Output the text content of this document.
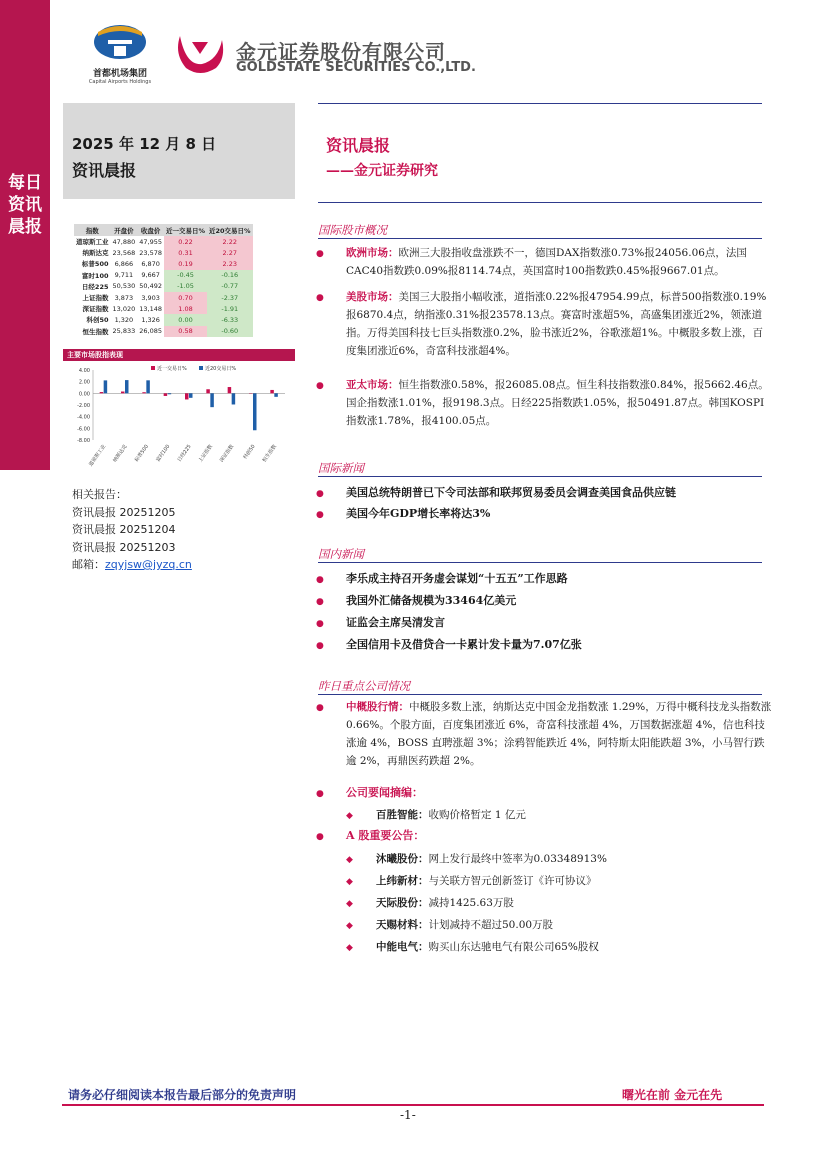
每日资讯晨报
首都机场集团
Capital Airports Holdings
金元证券股份有限公司
GOLDSTATE SECURITIES CO.,LTD.
2025 年 12 月 8 日
资讯晨报
资讯晨报
——金元证券研究
指数	开盘价	收盘价	近一交易日%	近20交易日%
道琼斯工业	47,880	47,955	0.22	2.22
纳斯达克	23,568	23,578	0.31	2.27
标普500	6,866	6,870	0.19	2.23
富时100	9,711	9,667	-0.45	-0.16
日经225	50,530	50,492	-1.05	-0.77
上证指数	3,873	3,903	0.70	-2.37
深证指数	13,020	13,148	1.08	-1.91
科创50	1,320	1,326	0.00	-6.33
恒生指数	25,833	26,085	0.58	-0.60
主要市场股指表现
4.00
2.00
0.00
-2.00
-4.00
-6.00
-8.00
近一交易日%	近20交易日%
道琼斯工业 纳斯达克 标普500 富时100 日经225 上证指数 深证指数 科创50 恒生指数
相关报告：
资讯晨报 20251205
资讯晨报 20251204
资讯晨报 20251203
邮箱：zqyjsw@jyzq.cn
国际股市概况
● 欧洲市场：欧洲三大股指收盘涨跌不一，德国DAX指数涨0.73%报24056.06点，法国CAC40指数跌0.09%报8114.74点，英国富时100指数跌0.45%报9667.01点。
● 美股市场：美国三大股指小幅收涨，道指涨0.22%报47954.99点，标普500指数涨0.19%报6870.4点，纳指涨0.31%报23578.13点。赛富时涨超5%，高盛集团涨近2%，领涨道指。万得美国科技七巨头指数涨0.2%，脸书涨近2%，谷歌涨超1%。中概股多数上涨，百度集团涨近6%，奇富科技涨超4%。
● 亚太市场：恒生指数涨0.58%，报26085.08点。恒生科技指数涨0.84%，报5662.46点。国企指数涨1.01%，报9198.3点。日经225指数跌1.05%，报50491.87点。韩国KOSPI指数涨1.78%，报4100.05点。
国际新闻
● 美国总统特朗普已下令司法部和联邦贸易委员会调查美国食品供应链
● 美国今年GDP增长率将达3%
国内新闻
● 李乐成主持召开务虚会谋划“十五五”工作思路
● 我国外汇储备规模为33464亿美元
● 证监会主席吴清发言
● 全国信用卡及借贷合一卡累计发卡量为7.07亿张
昨日重点公司情况
● 中概股行情：中概股多数上涨，纳斯达克中国金龙指数涨 1.29%，万得中概科技龙头指数涨 0.66%。个股方面，百度集团涨近 6%，奇富科技涨超 4%，万国数据涨超 4%，信也科技涨逾 4%，BOSS 直聘涨超 3%；涂鸦智能跌近 4%，阿特斯太阳能跌超 3%，小马智行跌逾 2%，再鼎医药跌超 2%。
● 公司要闻摘编：
◆ 百胜智能：收购价格暂定 1 亿元
● A 股重要公告：
◆ 沐曦股份：网上发行最终中签率为0.03348913%
◆ 上纬新材：与关联方智元创新签订《许可协议》
◆ 天际股份：减持1425.63万股
◆ 天赐材料：计划减持不超过50.00万股
◆ 中能电气：购买山东达驰电气有限公司65%股权
请务必仔细阅读本报告最后部分的免责声明	曙光在前 金元在先
-1-
